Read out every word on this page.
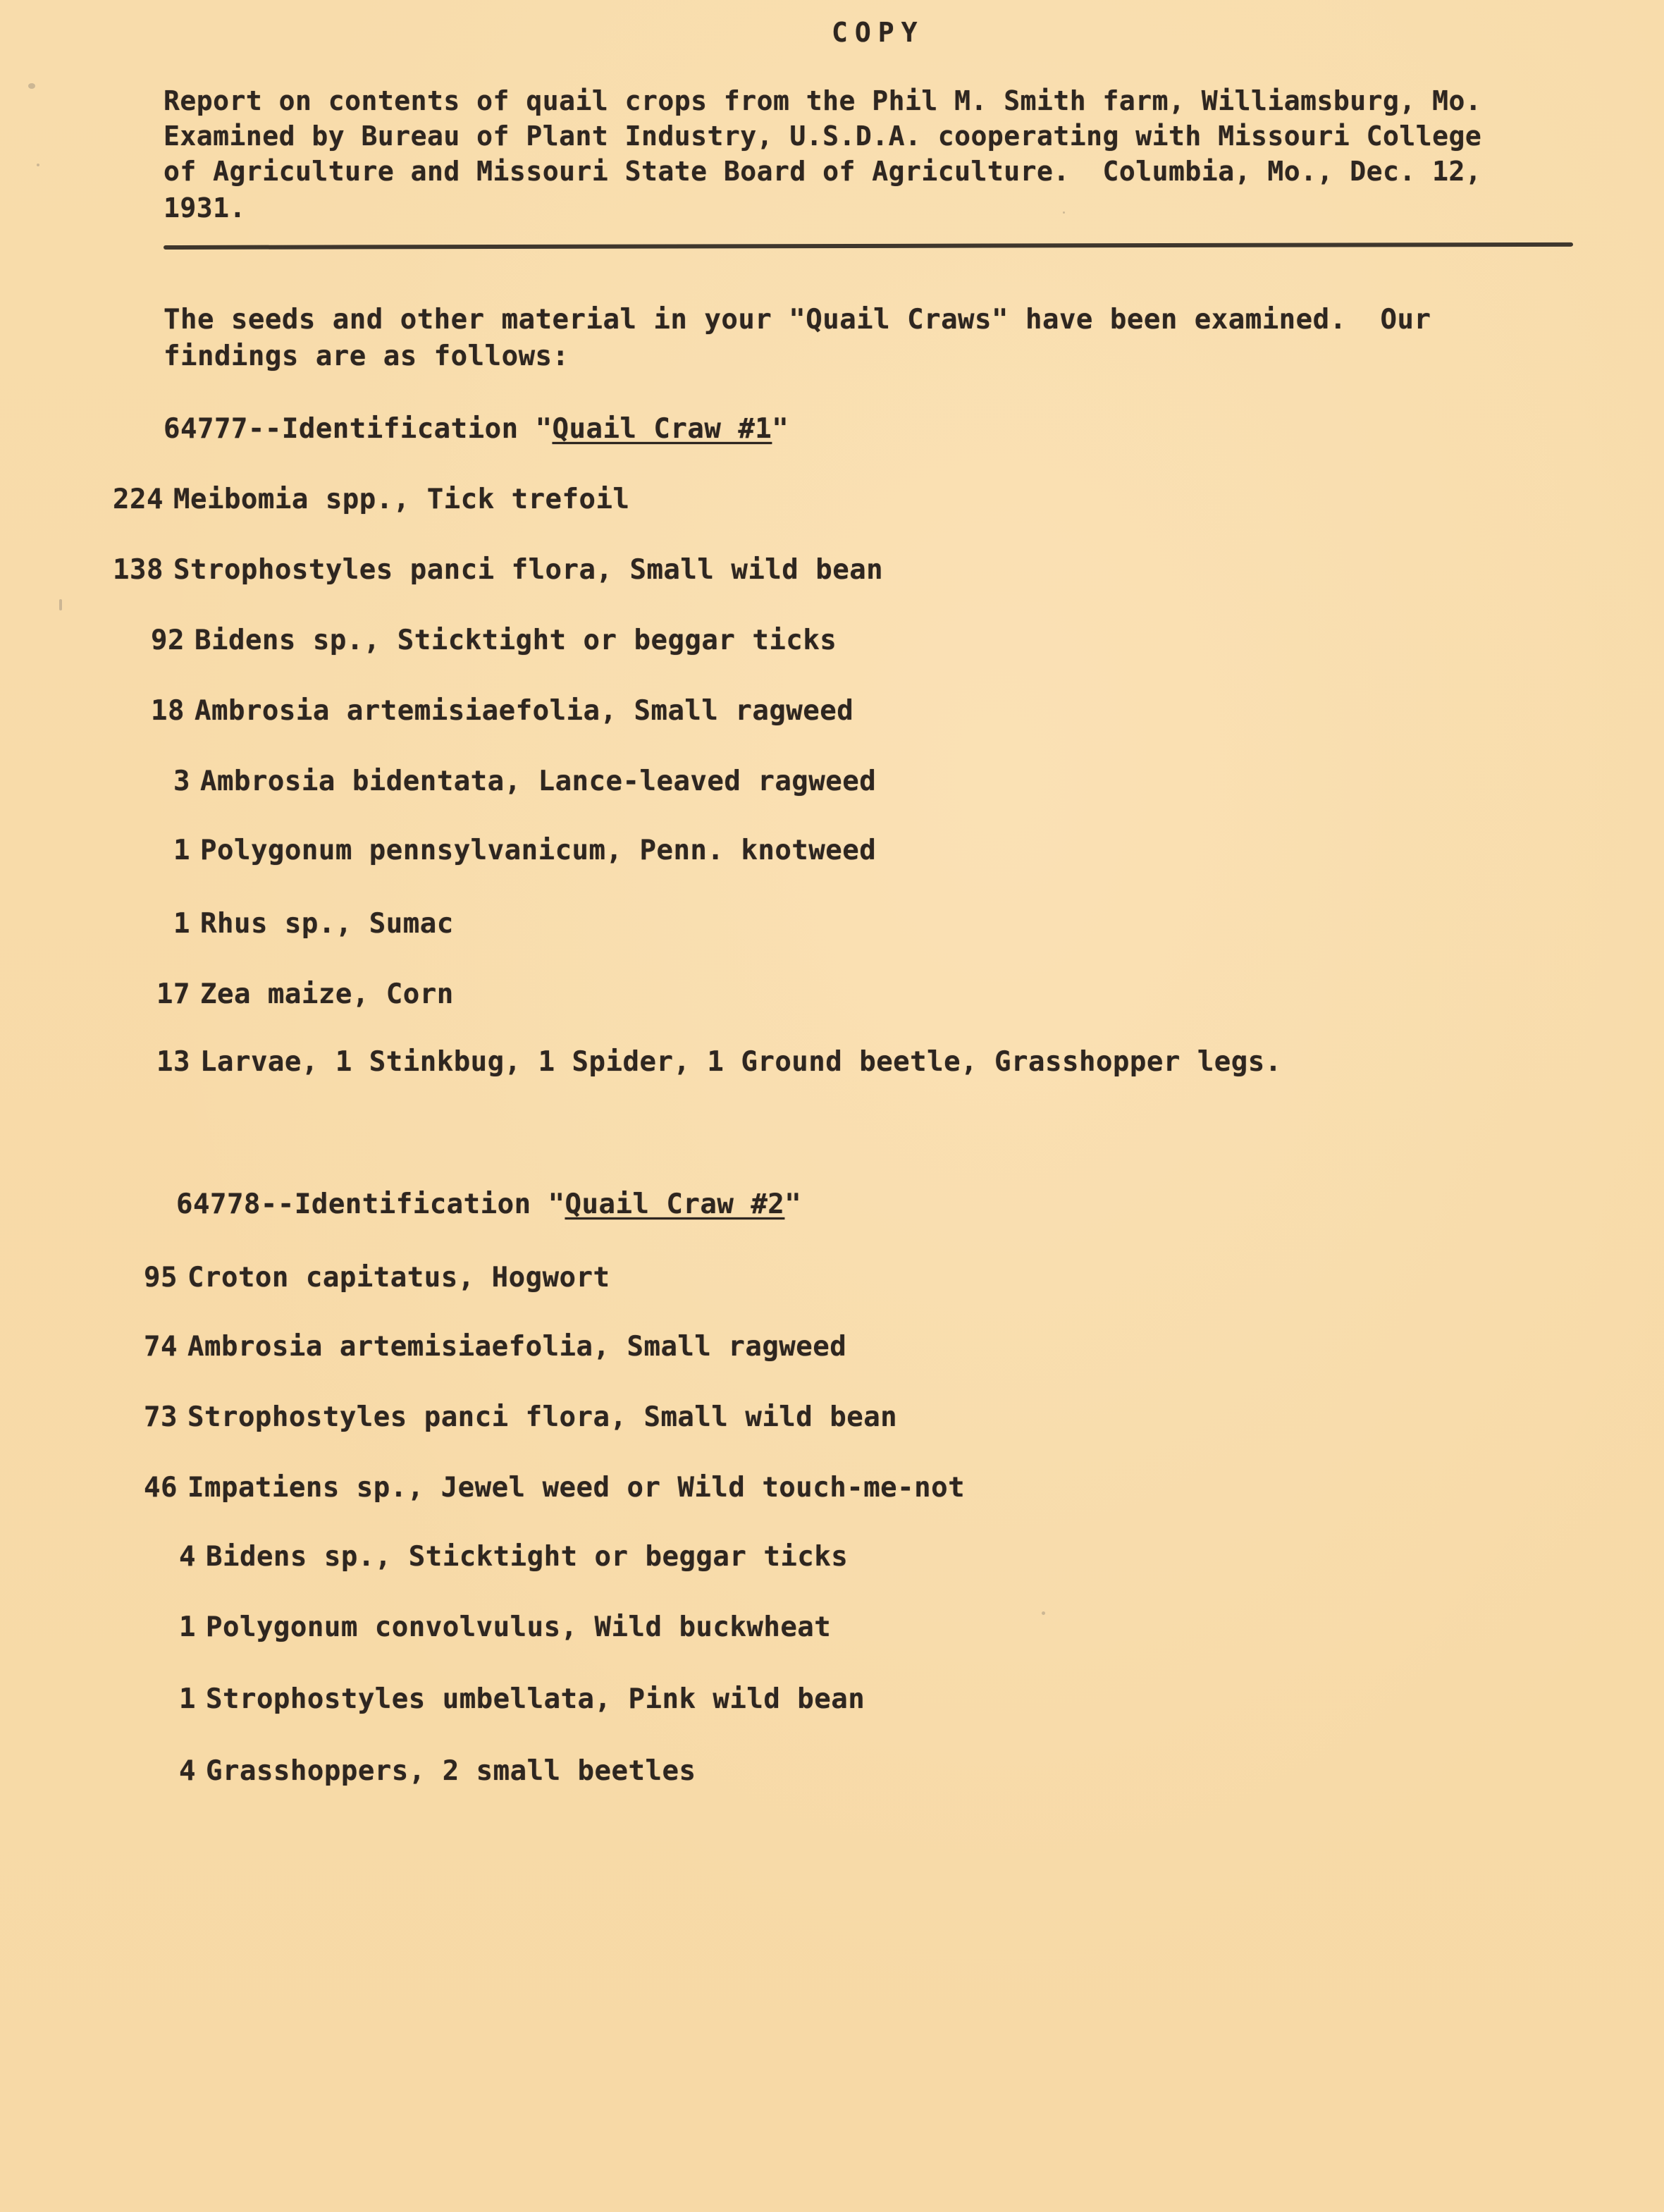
COPY
Report on contents of quail crops from the Phil M. Smith farm, Williamsburg, Mo.
Examined by Bureau of Plant Industry, U.S.D.A. cooperating with Missouri College
of Agriculture and Missouri State Board of Agriculture.  Columbia, Mo., Dec. 12,
1931.
The seeds and other material in your "Quail Craws" have been examined.  Our
findings are as follows:
64777--Identification "Quail Craw #1"
224 Meibomia spp., Tick trefoil
138 Strophostyles panci flora, Small wild bean
92 Bidens sp., Sticktight or beggar ticks
18 Ambrosia artemisiaefolia, Small ragweed
3 Ambrosia bidentata, Lance-leaved ragweed
1 Polygonum pennsylvanicum, Penn. knotweed
1 Rhus sp., Sumac
17 Zea maize, Corn
13 Larvae, 1 Stinkbug, 1 Spider, 1 Ground beetle, Grasshopper legs.
64778--Identification "Quail Craw #2"
95 Croton capitatus, Hogwort
74 Ambrosia artemisiaefolia, Small ragweed
73 Strophostyles panci flora, Small wild bean
46 Impatiens sp., Jewel weed or Wild touch-me-not
4 Bidens sp., Sticktight or beggar ticks
1 Polygonum convolvulus, Wild buckwheat
1 Strophostyles umbellata, Pink wild bean
4 Grasshoppers, 2 small beetles
